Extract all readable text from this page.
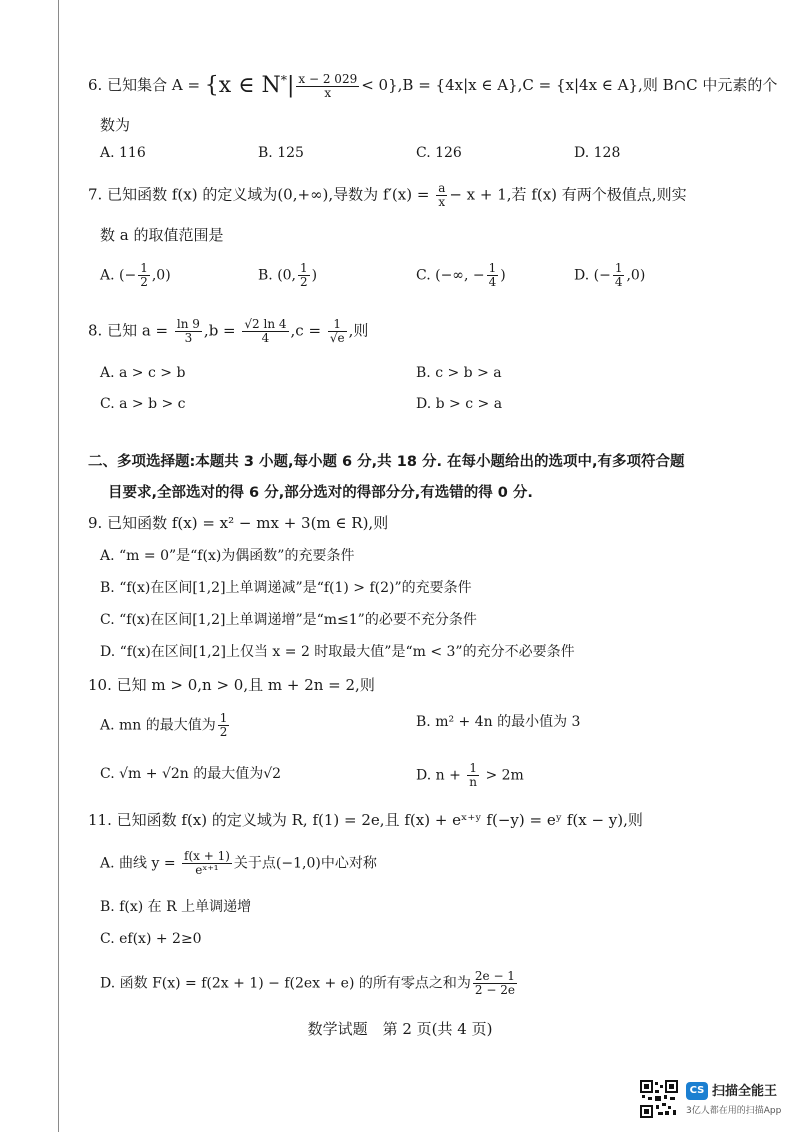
6. 已知集合 A = {x ∈ $N^*| \frac{x - 2 029}{x} < 0\},B = \{4x|x$ ∈ A},C = {x|4x ∈ A},则 B∩C 中元素的个
数为
A. 116	B. 125	C. 126	D. 128
7. 已知函数 f(x) 的定义域为(0,+∞),导数为 $f'(x) = \frac{a}{x} - x + 1$,若 f(x) 有两个极值点,则实
数 a 的取值范围是
A. (− $\frac{1}{2} ,0$)	B. (0, $\frac{1}{2}$ )	C. (−∞, − $\frac{1}{4}$ )	D. (− $\frac{1}{4} ,0$)
8. 已知 $a = \frac{\ln 9}{3} ,b = \frac{√2 \ln 4}{4} ,c = \frac{1}{√e}$ ,则
A. a > c > b	B. c > b > a
C. a > b > c	D. b > c > a
二、多项选择题:本题共 3 小题,每小题 6 分,共 18 分. 在每小题给出的选项中,有多项符合题
目要求,全部选对的得 6 分,部分选对的得部分分,有选错的得 0 分.
9. 已知函数 f(x) = x² − mx + 3(m ∈ R),则
A. “m = 0”是“f(x)为偶函数”的充要条件
B. “f(x)在区间[1,2]上单调递减”是“f(1) > f(2)”的充要条件
C. “f(x)在区间[1,2]上单调递增”是“m≤1”的必要不充分条件
D. “f(x)在区间[1,2]上仅当 x = 2 时取最大值”是“m < 3”的充分不必要条件
10. 已知 m > 0,n > 0,且 m + 2n = 2,则
A. mn 的最大值为 $\frac{1}{2}$	B. m² + 4n 的最小值为 3
C. √m + √2n 的最大值为√2	D. $n + \frac{1}{n} > 2m$
11. 已知函数 f(x) 的定义域为 R, f(1) = 2e,且 f(x) + eˣ⁺ʸ f(−y) = eʸ f(x − y),则
A. 曲线 $y = \frac{f(x + 1)}{\text{eˣ⁺¹}}$ 关于点(−1,0)中心对称
B. f(x) 在 R 上单调递增
C. ef(x) + 2≥0
D. 函数 F(x) = f(2x + 1) − f(2ex + e) 的所有零点之和为 $\frac{2e - 1}{2 - 2e}$
数学试题　第 2 页(共 4 页)
CS 扫描全能王
3亿人都在用的扫描App
